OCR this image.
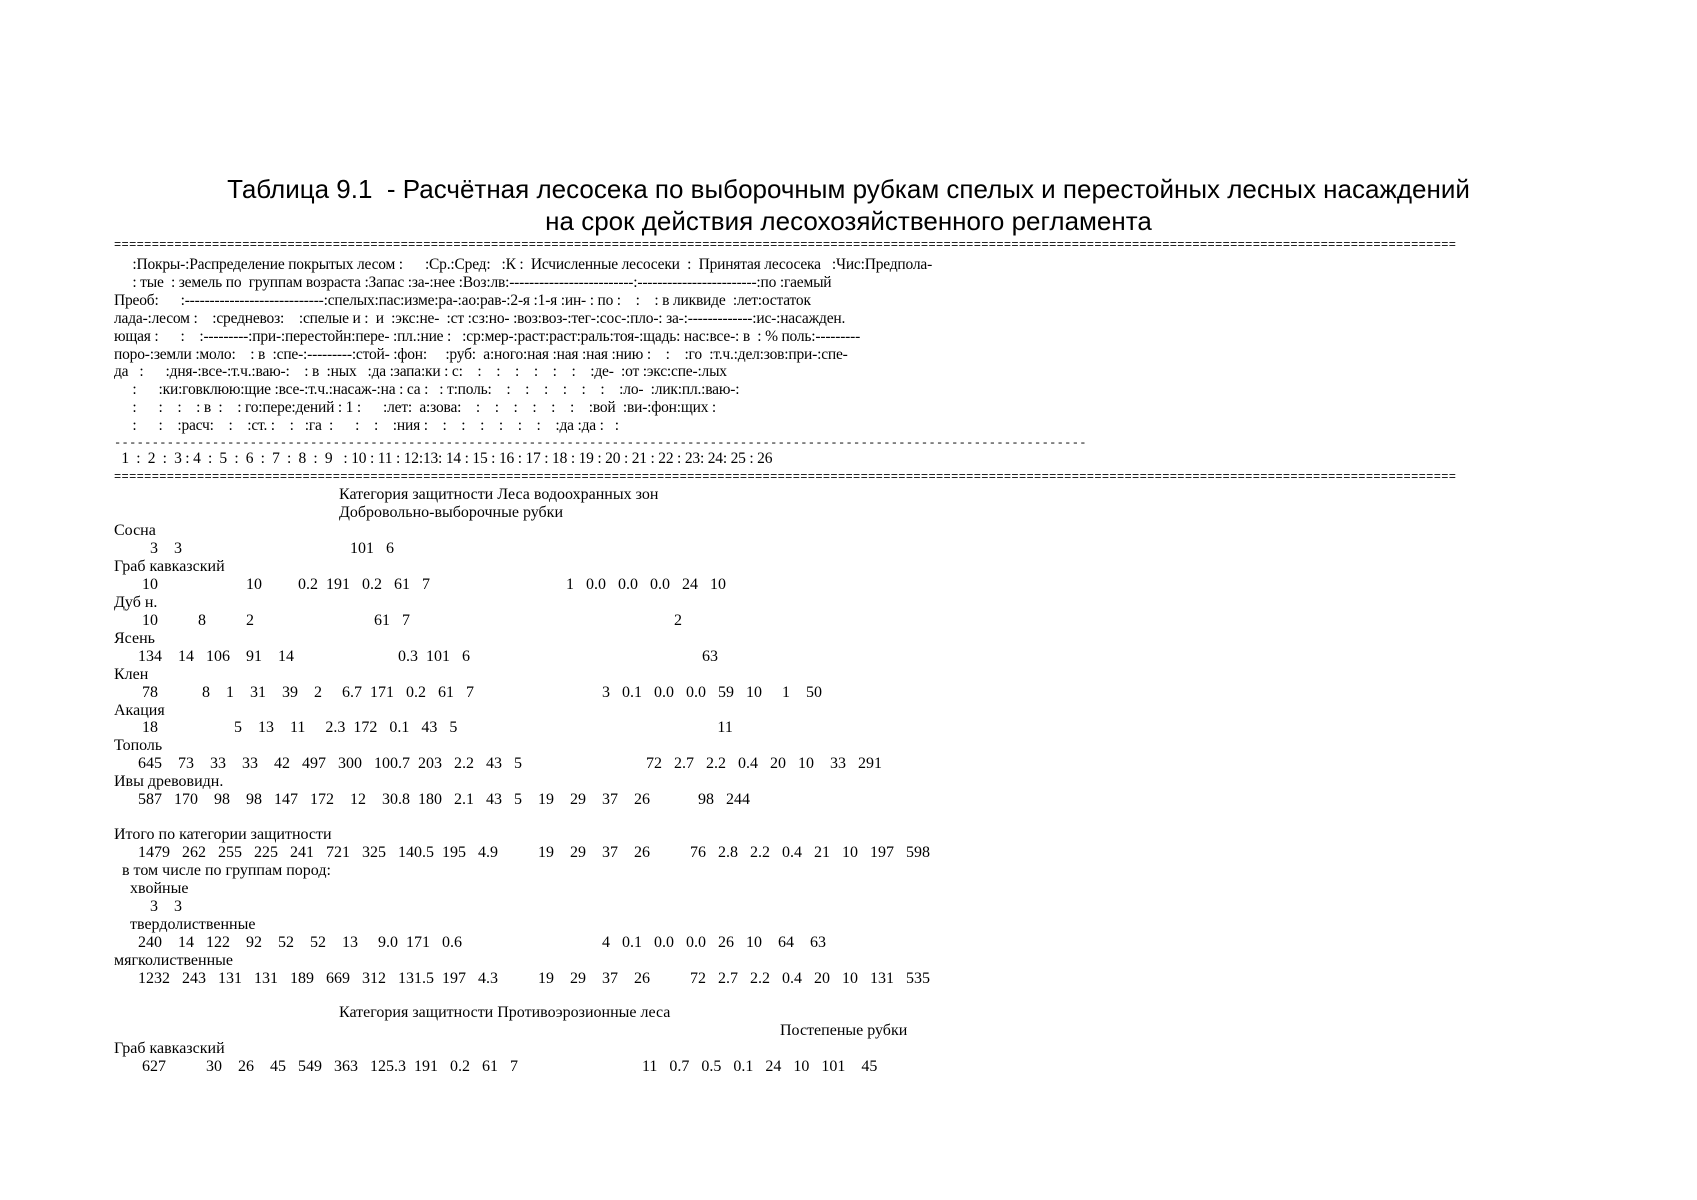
Таблица 9.1  - Расчётная лесосека по выборочным рубкам спелых и перестойных лесных насаждений
на срок действия лесохозяйственного регламента
==================================================================================================================================================================================
:Покры-:Распределение покрытых лесом :      :Ср.:Сред:   :К :  Исчисленные лесосеки  :  Принятая лесосека   :Чис:Предпола-
: тые  : земель по  группам возраста :Запас :за-:нее :Воз:лв:-------------------------:------------------------:по :гаемый
Преоб:      :----------------------------:спелых:пас:изме:ра-:ао:рав-:2-я :1-я :ин- : по :    :    : в ликвиде  :лет:остаток
лада-:лесом :    :средневоз:    :спелые и :  и  :экс:не-  :ст :сз:но- :воз:воз-:тег-:сос-:пло-: за-:-------------:ис-:насажден.
ющая :      :    :---------:при-:перестойн:пере- :пл.:ние :   :ср:мер-:раст:раст:раль:тоя-:щадь: нас:все-: в  : % поль:---------
поро-:земли :моло:    : в  :спе-:---------:стой- :фон:     :руб:  а:ного:ная :ная :ная :нию :    :    :го  :т.ч.:дел:зов:при-:спе-
да   :      :дня-:все-:т.ч.:ваю-:    : в  :ных   :да :запа:ки : с:    :    :    :    :    :    :    :де-  :от :экс:спе-:лых
:      :ки:говклюю:щие :все-:т.ч.:насаж-:на : са :   : т:поль:    :    :    :    :    :    :    :ло-  :лик:пл.:ваю-:
:      :    :    : в  :    : го:пере:дений : 1 :      :лет:  а:зова:    :    :    :    :    :    :    :вой  :ви-:фон:щих :
:      :    :расч:    :    :ст. :    :   :га  :      :    :    :ния :    :    :    :    :    :    :    :да :да :   :
---------------------------------------------------------------------------------------------------------------------------------
1  :  2  :  3 : 4  :  5  :  6  :  7  :  8  :  9   : 10 : 11 : 12:13: 14 : 15 : 16 : 17 : 18 : 19 : 20 : 21 : 22 : 23: 24: 25 : 26
==================================================================================================================================================================================
Категория защитности Леса водоохранных зон
Добровольно-выборочные рубки
Сосна
3    3                                          101   6
Граб кавказский
10                      10         0.2  191   0.2   61   7                                  1   0.0   0.0   0.0   24   10
Дуб н.
10          8          2                              61   7                                                                  2
Ясень
134    14   106    91    14                          0.3  101   6                                                          63
Клен
78           8    1    31    39    2     6.7  171   0.2   61   7                                3   0.1   0.0   0.0   59   10     1    50
Акация
18                   5    13    11     2.3  172   0.1   43   5                                                                 11
Тополь
645    73    33    33    42   497   300   100.7  203   2.2   43   5                               72   2.7   2.2   0.4   20   10    33   291
Ивы древовидн.
587   170    98    98   147   172    12    30.8  180   2.1   43   5    19    29    37    26            98   244
Итого по категории защитности
1479   262   255   225   241   721   325   140.5  195   4.9          19    29    37    26          76   2.8   2.2   0.4   21   10   197   598
в том числе по группам пород:
хвойные
3    3
твердолиственные
240    14   122    92    52    52    13     9.0  171   0.6                                   4   0.1   0.0   0.0   26   10    64    63
мягколиственные
1232   243   131   131   189   669   312   131.5  197   4.3          19    29    37    26          72   2.7   2.2   0.4   20   10   131   535
Категория защитности Противоэрозионные леса
Постепеные рубки
Граб кавказский
627          30    26    45   549   363   125.3  191   0.2   61   7                               11   0.7   0.5   0.1   24   10   101    45
